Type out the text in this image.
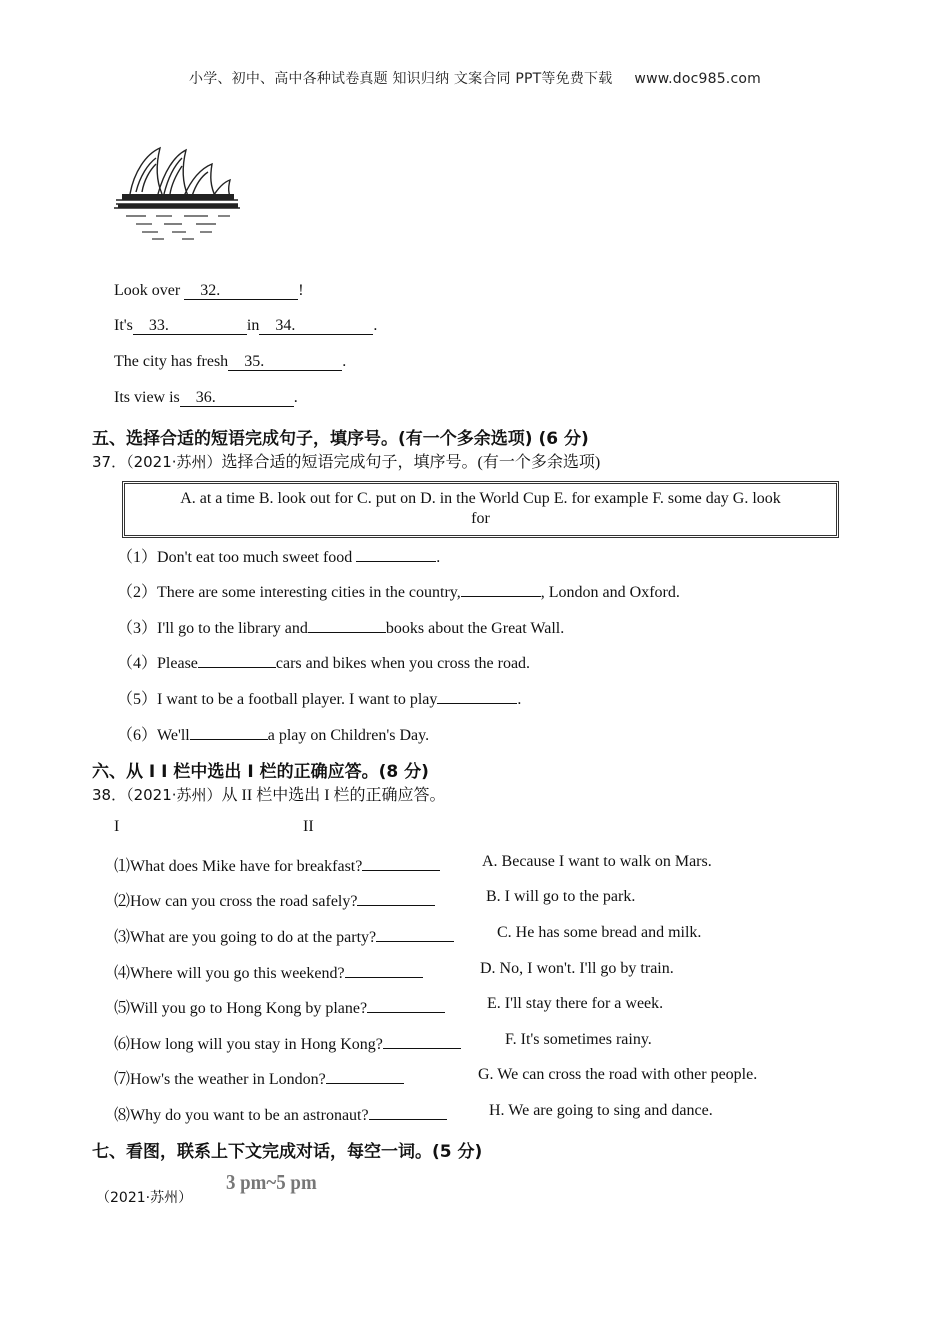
小学、初中、高中各种试卷真题 知识归纳 文案合同 PPT等免费下载 www.doc985.com
Look over 32.	!
It's 33.	in 34.	.
The city has fresh 35.	.
Its view is 36.	.
五、选择合适的短语完成句子，填序号。(有一个多余选项) (6 分)
37．（2021·苏州）选择合适的短语完成句子，填序号。(有一个多余选项)
A. at a time B. look out for C. put on D. in the World Cup E. for example F. some day G. look
for
（1）Don't eat too much sweet food	.
（2）There are some interesting cities in the country,	, London and Oxford.
（3）I'll go to the library and	books about the Great Wall.
（4）Please	cars and bikes when you cross the road.
（5）I want to be a football player. I want to play	.
（6）We'll	a play on Children's Day.
六、从 I I 栏中选出 I 栏的正确应答。(8 分)
38．（2021·苏州）从 II 栏中选出 I 栏的正确应答。
I	II
⑴What does Mike have for breakfast?	A. Because I want to walk on Mars.
⑵How can you cross the road safely?	B. I will go to the park.
⑶What are you going to do at the party?	C. He has some bread and milk.
⑷Where will you go this weekend?	D. No, I won't. I'll go by train.
⑸Will you go to Hong Kong by plane?	E. I'll stay there for a week.
⑹How long will you stay in Hong Kong?	F. It's sometimes rainy.
⑺How's the weather in London?	G. We can cross the road with other people.
⑻Why do you want to be an astronaut?	H. We are going to sing and dance.
七、看图，联系上下文完成对话，每空一词。(5 分)
（2021·苏州）
3 pm~5 pm
